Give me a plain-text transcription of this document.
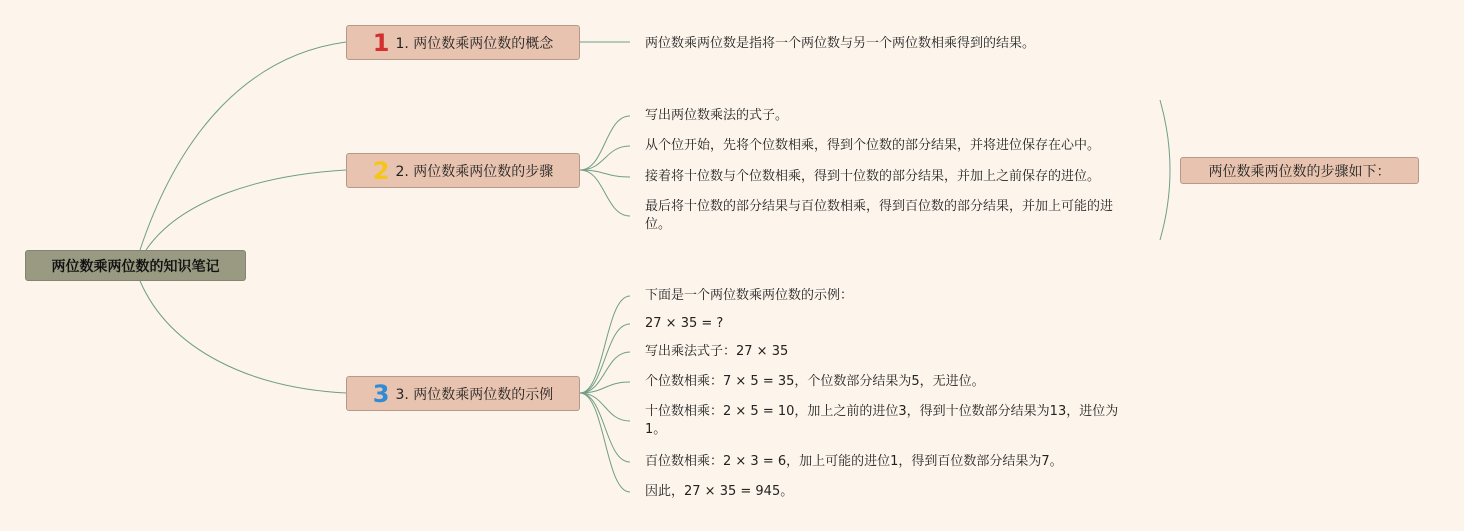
两位数乘两位数的知识笔记
1 1. 两位数乘两位数的概念	两位数乘两位数是指将一个两位数与另一个两位数相乘得到的结果。
2 2. 两位数乘两位数的步骤
写出两位数乘法的式子。
从个位开始，先将个位数相乘，得到个位数的部分结果，并将进位保存在心中。
接着将十位数与个位数相乘，得到十位数的部分结果，并加上之前保存的进位。
最后将十位数的部分结果与百位数相乘，得到百位数的部分结果，并加上可能的进位。
两位数乘两位数的步骤如下：
3 3. 两位数乘两位数的示例
下面是一个两位数乘两位数的示例：
27 × 35 = ?
写出乘法式子：27 × 35
个位数相乘：7 × 5 = 35，个位数部分结果为5，无进位。
十位数相乘：2 × 5 = 10，加上之前的进位3，得到十位数部分结果为13，进位为1。
百位数相乘：2 × 3 = 6，加上可能的进位1，得到百位数部分结果为7。
因此，27 × 35 = 945。
